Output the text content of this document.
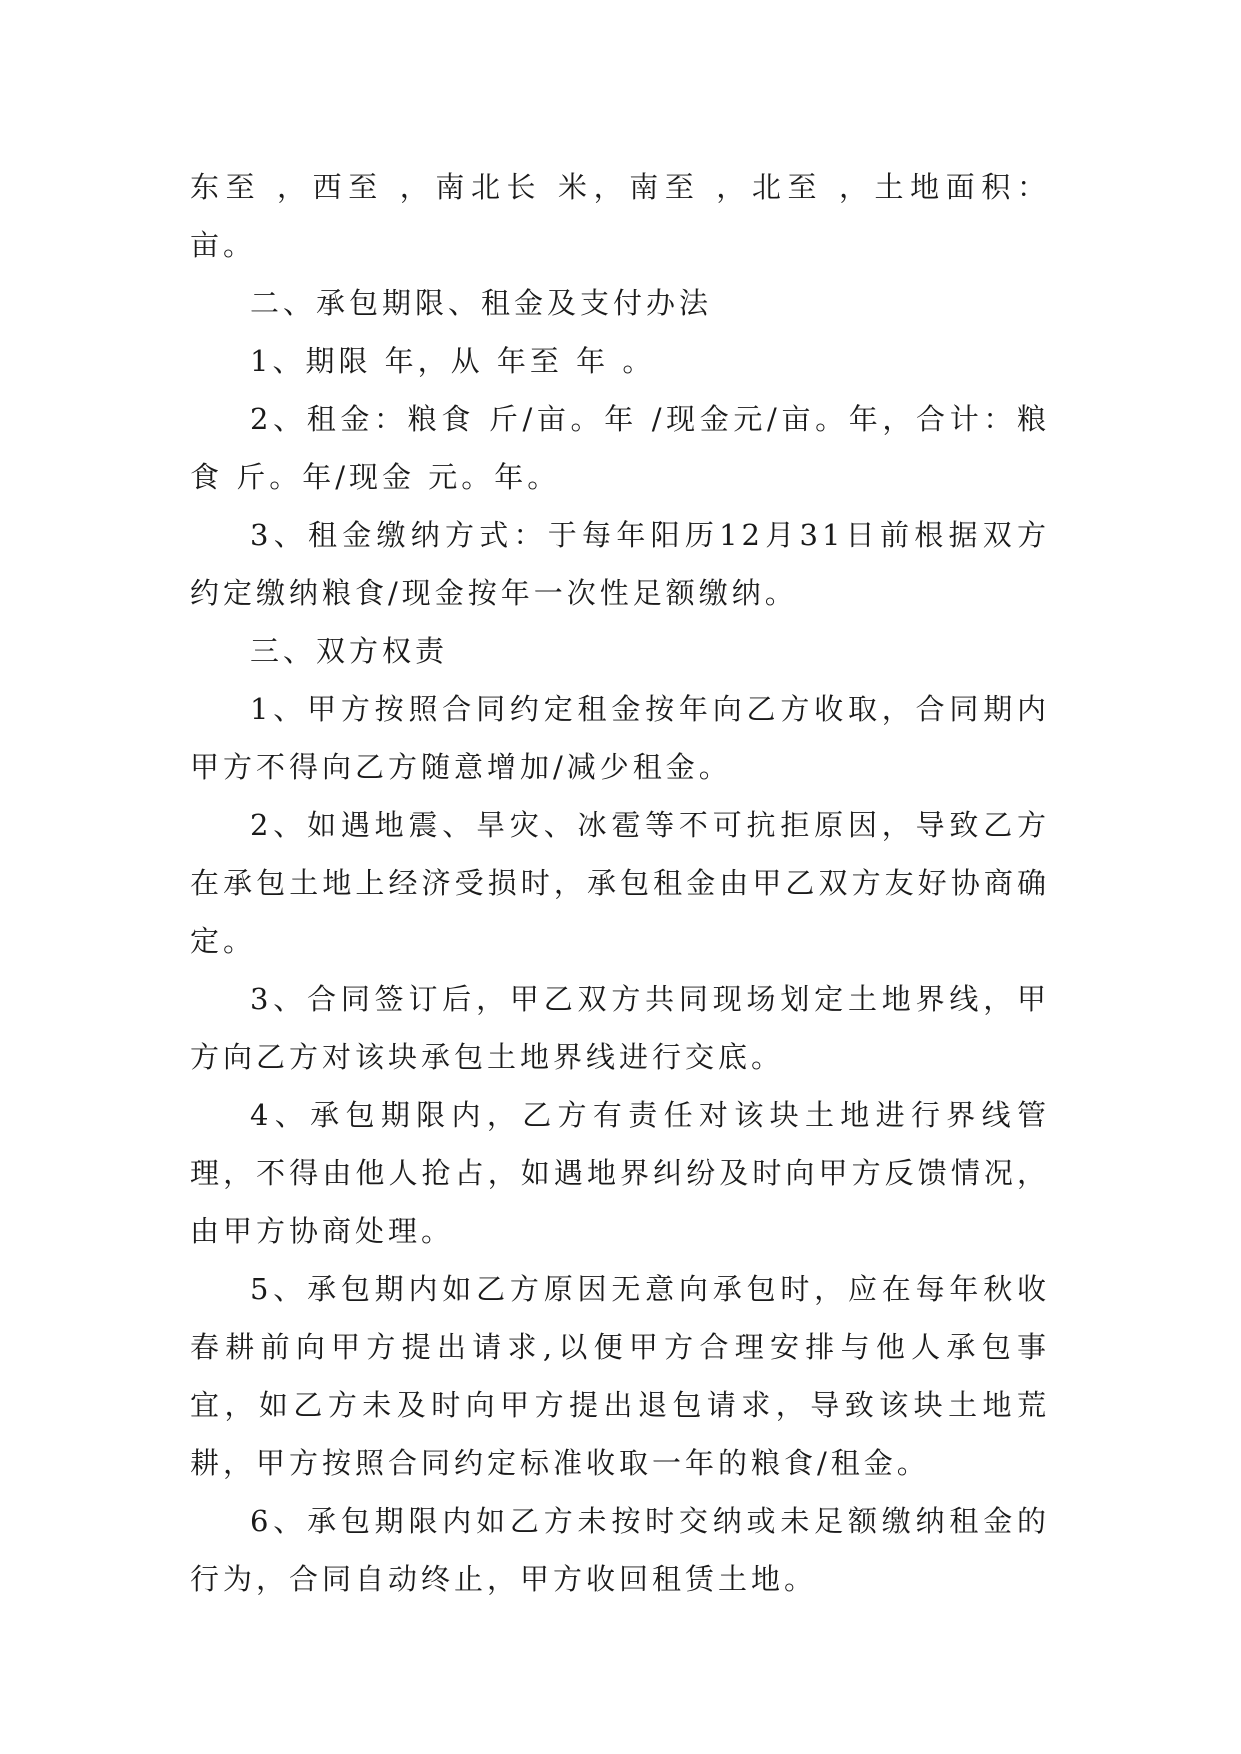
东至 ，西至 ，南北长 米，南至 ，北至 ，土地面积： 亩。

二、承包期限、租金及支付办法

1、期限 年，从 年至 年 。

2、租金：粮食 斤/亩。年 /现金元/亩。年，合计：粮食 斤。年/现金 元。年。

3、租金缴纳方式：于每年阳历12月31日前根据双方约定缴纳粮食/现金按年一次性足额缴纳。

三、双方权责

1、甲方按照合同约定租金按年向乙方收取，合同期内甲方不得向乙方随意增加/减少租金。

2、如遇地震、旱灾、冰雹等不可抗拒原因，导致乙方在承包土地上经济受损时，承包租金由甲乙双方友好协商确定。

3、合同签订后，甲乙双方共同现场划定土地界线，甲方向乙方对该块承包土地界线进行交底。

4、承包期限内，乙方有责任对该块土地进行界线管理，不得由他人抢占，如遇地界纠纷及时向甲方反馈情况，由甲方协商处理。

5、承包期内如乙方原因无意向承包时，应在每年秋收春耕前向甲方提出请求,以便甲方合理安排与他人承包事宜，如乙方未及时向甲方提出退包请求，导致该块土地荒耕，甲方按照合同约定标准收取一年的粮食/租金。

6、承包期限内如乙方未按时交纳或未足额缴纳租金的行为，合同自动终止，甲方收回租赁土地。
